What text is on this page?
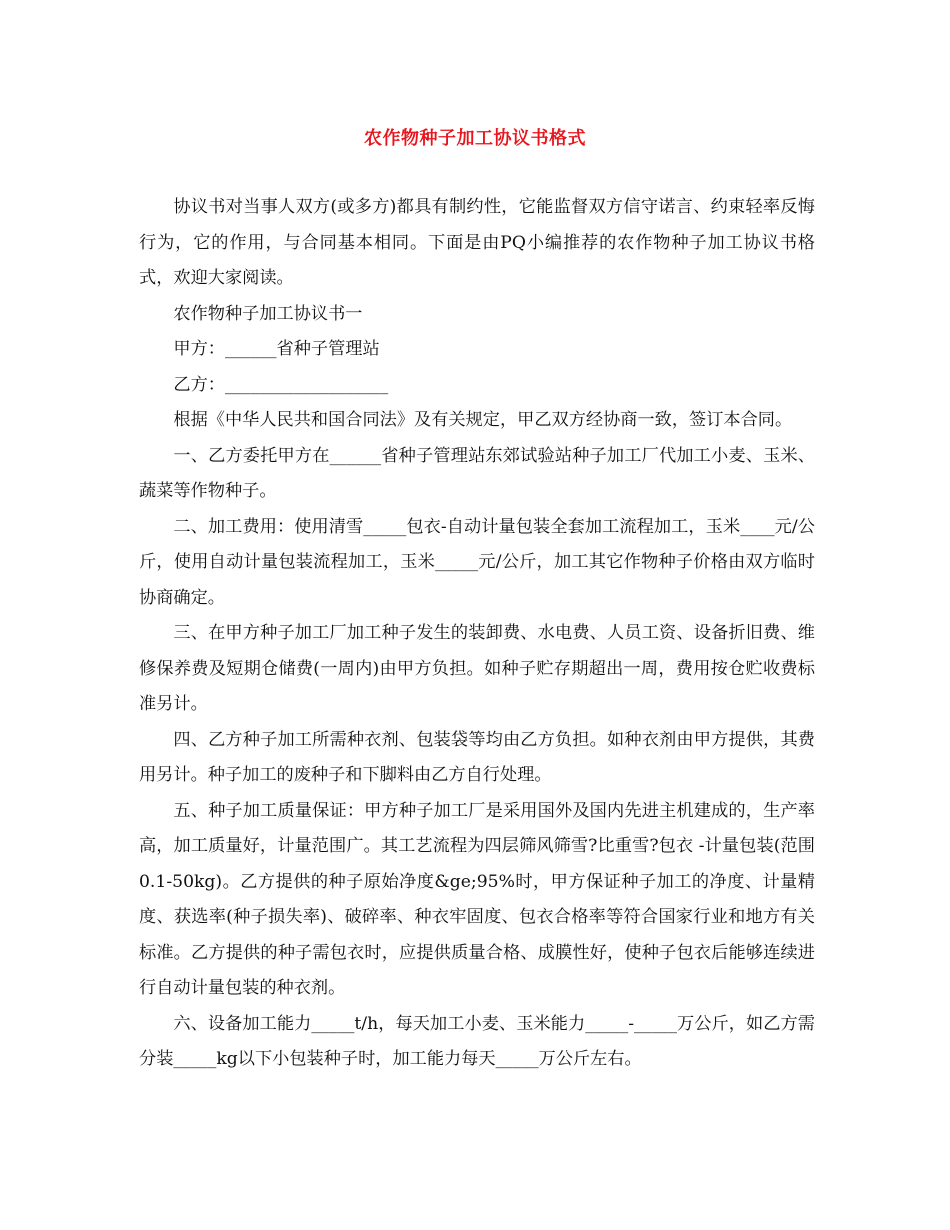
农作物种子加工协议书格式

协议书对当事人双方(或多方)都具有制约性，它能监督双方信守诺言、约束轻率反悔行为，它的作用，与合同基本相同。下面是由PQ小编推荐的农作物种子加工协议书格式，欢迎大家阅读。

农作物种子加工协议书一

甲方：______省种子管理站

乙方：___________________

根据《中华人民共和国合同法》及有关规定，甲乙双方经协商一致，签订本合同。

一、乙方委托甲方在______省种子管理站东郊试验站种子加工厂代加工小麦、玉米、蔬菜等作物种子。

二、加工费用：使用清雪_____包衣-自动计量包装全套加工流程加工，玉米____元/公斤，使用自动计量包装流程加工，玉米_____元/公斤，加工其它作物种子价格由双方临时协商确定。

三、在甲方种子加工厂加工种子发生的装卸费、水电费、人员工资、设备折旧费、维修保养费及短期仓储费(一周内)由甲方负担。如种子贮存期超出一周，费用按仓贮收费标准另计。

四、乙方种子加工所需种衣剂、包装袋等均由乙方负担。如种衣剂由甲方提供，其费用另计。种子加工的废种子和下脚料由乙方自行处理。

五、种子加工质量保证：甲方种子加工厂是采用国外及国内先进主机建成的，生产率高，加工质量好，计量范围广。其工艺流程为四层筛风筛雪?比重雪?包衣 -计量包装(范围0.1-50kg)。乙方提供的种子原始净度&ge;95%时，甲方保证种子加工的净度、计量精度、获选率(种子损失率)、破碎率、种衣牢固度、包衣合格率等符合国家行业和地方有关标准。乙方提供的种子需包衣时，应提供质量合格、成膜性好，使种子包衣后能够连续进行自动计量包装的种衣剂。

六、设备加工能力_____t/h，每天加工小麦、玉米能力_____-_____万公斤，如乙方需分装_____kg以下小包装种子时，加工能力每天_____万公斤左右。
